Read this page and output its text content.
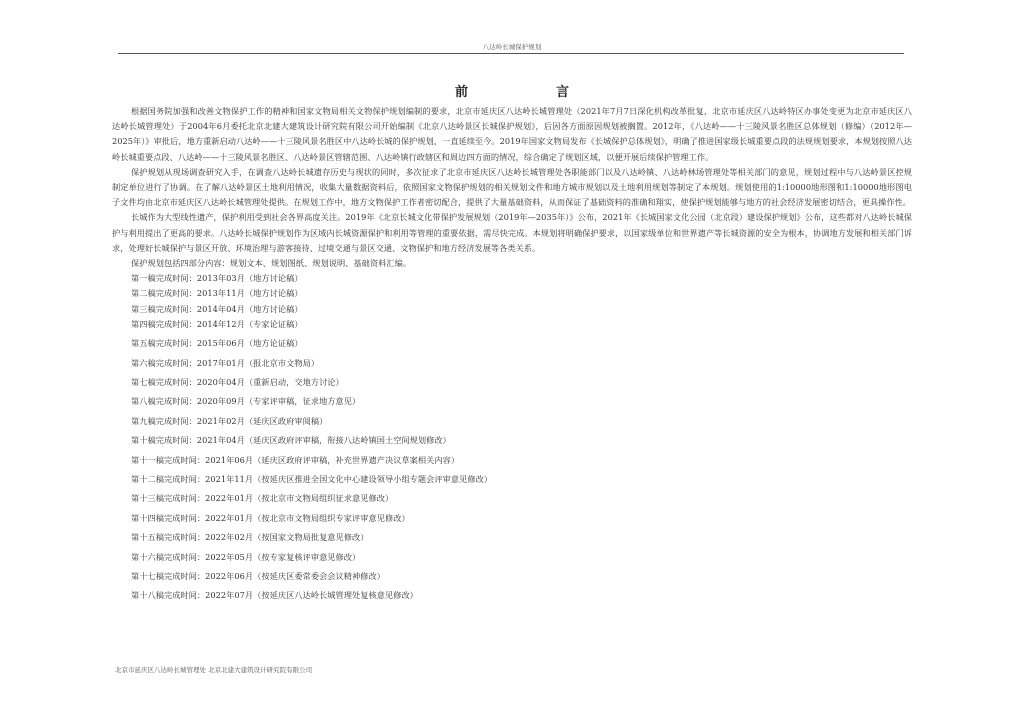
八达岭长城保护规划
前	言

根据国务院加强和改善文物保护工作的精神和国家文物局相关文物保护规划编制的要求，北京市延庆区八达岭长城管理处（2021年7月7日深化机构改革批复，北京市延庆区八达岭特区办事处变更为北京市延庆区八达岭长城管理处）于2004年6月委托北京北建大建筑设计研究院有限公司开始编制《北京八达岭景区长城保护规划》，后因各方面原因规划被搁置。2012年，《八达岭——十三陵风景名胜区总体规划（修编）（2012年—2025年）》审批后，地方重新启动八达岭——十三陵风景名胜区中八达岭长城的保护规划，一直延续至今。2019年国家文物局发布《长城保护总体规划》，明确了推进国家级长城重要点段的法规规划要求，本规划按照八达岭长城重要点段、八达岭——十三陵风景名胜区、八达岭景区管辖范围、八达岭镇行政辖区和周边四方面的情况，综合确定了规划区域，以便开展后续保护管理工作。

保护规划从现场调查研究入手，在调查八达岭长城遗存历史与现状的同时，多次征求了北京市延庆区八达岭长城管理处各职能部门以及八达岭镇、八达岭林场管理处等相关部门的意见，规划过程中与八达岭景区控规制定单位进行了协调。在了解八达岭景区土地利用情况，收集大量数据资料后，依照国家文物保护规划的相关规划文件和地方城市规划以及土地利用规划等制定了本规划。规划使用的1:10000地形图和1:10000地形图电子文件均由北京市延庆区八达岭长城管理处提供。在规划工作中，地方文物保护工作者密切配合，提供了大量基础资料，从而保证了基础资料的准确和翔实，使保护规划能够与地方的社会经济发展密切结合，更具操作性。

长城作为大型线性遗产，保护利用受到社会各界高度关注。2019年《北京长城文化带保护发展规划（2019年—2035年）》公布，2021年《长城国家文化公园（北京段）建设保护规划》公布，这些都对八达岭长城保护与利用提出了更高的要求。八达岭长城保护规划作为区域内长城资源保护和利用等管理的重要依据，需尽快完成。本规划将明确保护要求，以国家级单位和世界遗产等长城资源的安全为根本，协调地方发展和相关部门诉求，处理好长城保护与景区开放、环境治理与游客接待、过境交通与景区交通、文物保护和地方经济发展等各类关系。

保护规划包括四部分内容：规划文本、规划图纸、规划说明、基础资料汇编。

第一稿完成时间：2013年03月（地方讨论稿）
第二稿完成时间：2013年11月（地方讨论稿）
第三稿完成时间：2014年04月（地方讨论稿）
第四稿完成时间：2014年12月（专家论证稿）
第五稿完成时间：2015年06月（地方论证稿）
第六稿完成时间：2017年01月（报北京市文物局）
第七稿完成时间：2020年04月（重新启动，交地方讨论）
第八稿完成时间：2020年09月（专家评审稿，征求地方意见）
第九稿完成时间：2021年02月（延庆区政府审阅稿）
第十稿完成时间：2021年04月（延庆区政府评审稿，衔接八达岭镇国土空间规划修改）
第十一稿完成时间：2021年06月（延庆区政府评审稿，补充世界遗产决议草案相关内容）
第十二稿完成时间：2021年11月（按延庆区推进全国文化中心建设领导小组专题会评审意见修改）
第十三稿完成时间：2022年01月（按北京市文物局组织征求意见修改）
第十四稿完成时间：2022年01月（按北京市文物局组织专家评审意见修改）
第十五稿完成时间：2022年02月（按国家文物局批复意见修改）
第十六稿完成时间：2022年05月（按专家复核评审意见修改）
第十七稿完成时间：2022年06月（按延庆区委常委会会议精神修改）
第十八稿完成时间：2022年07月（按延庆区八达岭长城管理处复核意见修改）
北京市延庆区八达岭长城管理处 北京北建大建筑设计研究院有限公司
